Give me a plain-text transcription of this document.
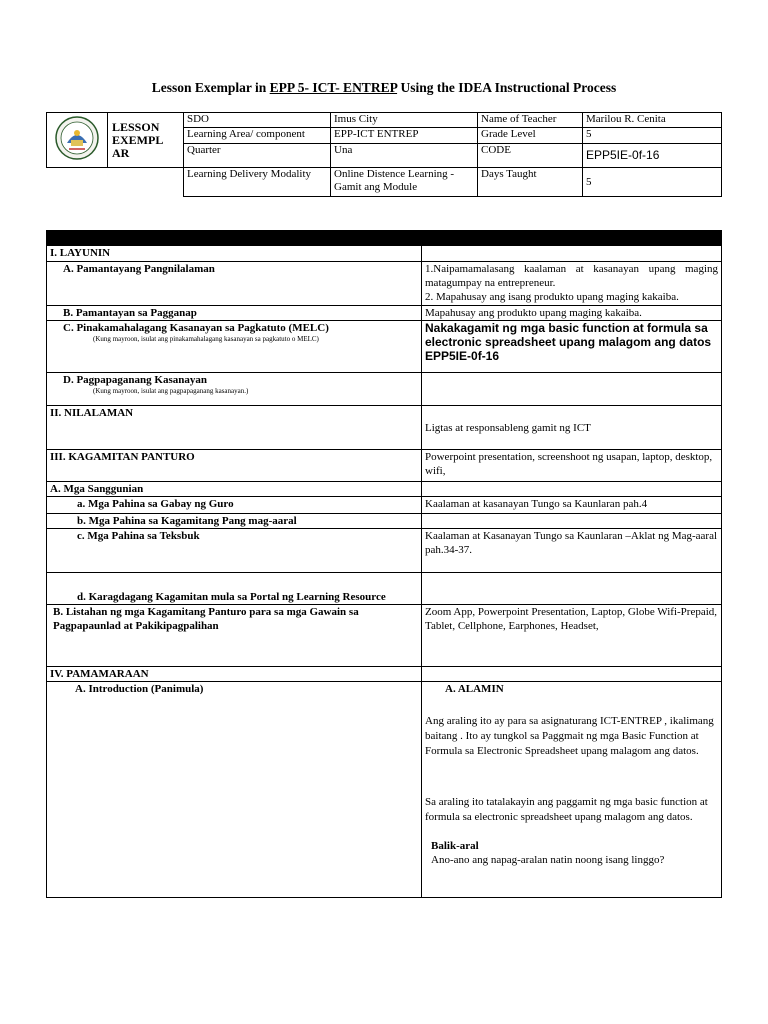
Lesson Exemplar in EPP 5- ICT- ENTREP Using the IDEA Instructional Process
	LESSON EXEMPL AR	SDO	Imus City	Name of Teacher	Marilou R. Cenita
		Learning Area/ component	EPP-ICT ENTREP	Grade Level	5
		Quarter	Una	CODE	EPP5IE-0f-16
		Learning Delivery Modality	Online Distence Learning - Gamit ang Module	Days Taught	5

I. LAYUNIN	
A. Pamantayang Pangnilalaman	1.Naipamamalasang kaalaman at kasanayan upang maging matagumpay na entrepreneur.
2. Mapahusay ang isang produkto upang maging kakaiba.
B. Pamantayan sa Pagganap	Mapahusay ang produkto upang maging kakaiba.
C. Pinakamahalagang Kasanayan sa Pagkatuto (MELC)
(Kung mayroon, isulat ang pinakamahalagang kasanayan sa pagkatuto o MELC)	Nakakagamit ng mga basic function at formula sa electronic spreadsheet upang malagom ang datos EPP5IE-0f-16
D. Pagpapaganang Kasanayan
(Kung mayroon, isulat ang pagpapaganang kasanayan.)	

II. NILALAMAN	Ligtas at responsableng gamit ng ICT
III. KAGAMITAN PANTURO	Powerpoint presentation, screenshoot ng usapan, laptop, desktop, wifi,
A. Mga Sanggunian	
a. Mga Pahina sa Gabay ng Guro	Kaalaman at kasanayan Tungo sa Kaunlaran pah.4
b. Mga Pahina sa Kagamitang Pang mag-aaral	
c. Mga Pahina sa Teksbuk	Kaalaman at Kasanayan Tungo sa Kaunlaran –Aklat ng Mag-aaral pah.34-37.
d. Karagdagang Kagamitan mula sa Portal ng Learning Resource	
B. Listahan ng mga Kagamitang Panturo para sa mga Gawain sa Pagpapaunlad at Pakikipagpalihan	Zoom App, Powerpoint Presentation, Laptop, Globe Wifi-Prepaid, Tablet, Cellphone, Earphones, Headset,
IV. PAMAMARAAN	
A. Introduction (Panimula)	A. ALAMIN
Ang araling ito ay para sa asignaturang ICT-ENTREP , ikalimang baitang . Ito ay tungkol sa Paggmait ng mga Basic Function at Formula sa Electronic Spreadsheet upang malagom ang datos.
Sa araling ito tatalakayin ang paggamit ng mga basic function at formula sa electronic spreadsheet upang malagom ang datos.
Balik-aral
Ano-ano ang napag-aralan natin noong isang linggo?
